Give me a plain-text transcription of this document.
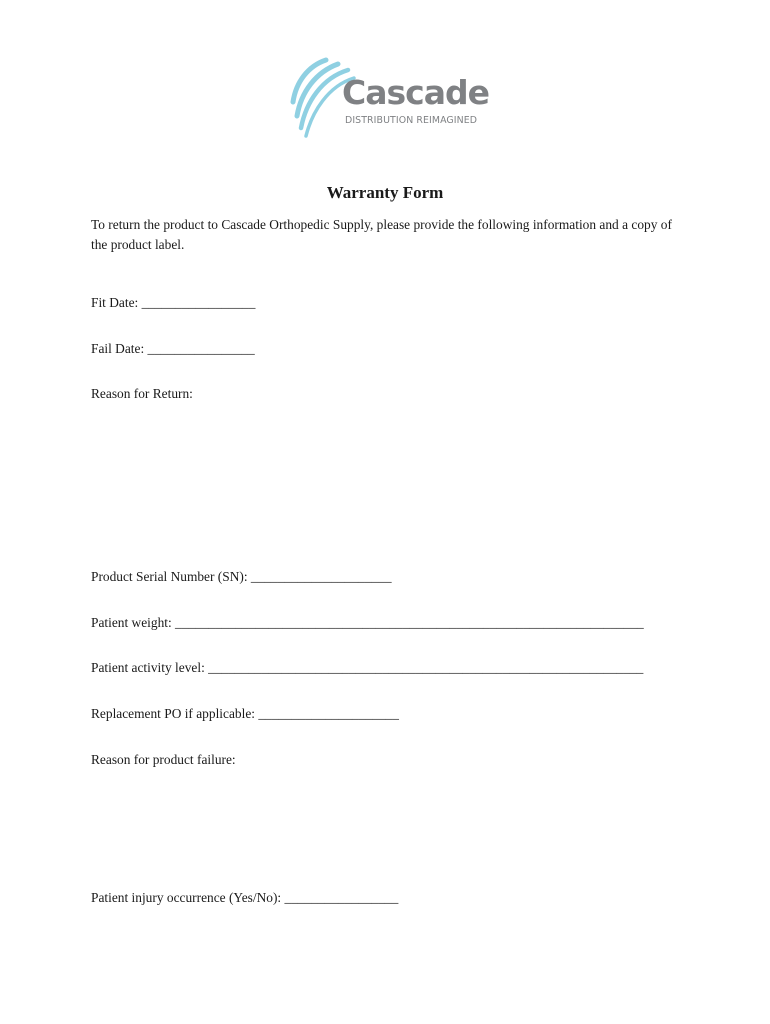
Cascade
DISTRIBUTION REIMAGINED
Warranty Form

To return the product to Cascade Orthopedic Supply, please provide the following information and a copy of the product label.

Fit Date: _________________

Fail Date: ________________

Reason for Return:

Product Serial Number (SN): _____________________

Patient weight: ______________________________________________________________________

Patient activity level: _________________________________________________________________

Replacement PO if applicable: _____________________

Reason for product failure:

Patient injury occurrence (Yes/No): _________________
